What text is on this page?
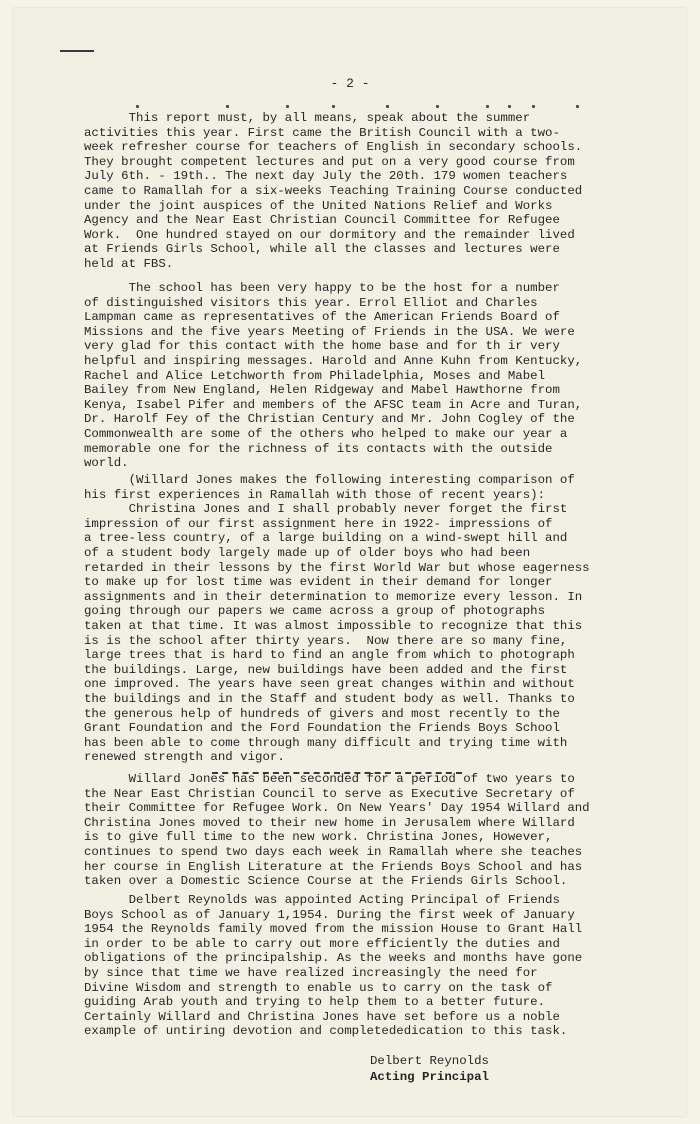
- 2 -

This report must, by all means, speak about the summer
activities this year. First came the British Council with a two-
week refresher course for teachers of English in secondary schools.
They brought competent lectures and put on a very good course from
July 6th. - 19th.. The next day July the 20th. 179 women teachers
came to Ramallah for a six-weeks Teaching Training Course conducted
under the joint auspices of the United Nations Relief and Works
Agency and the Near East Christian Council Committee for Refugee
Work.  One hundred stayed on our dormitory and the remainder lived
at Friends Girls School, while all the classes and lectures were
held at FBS.

The school has been very happy to be the host for a number
of distinguished visitors this year. Errol Elliot and Charles
Lampman came as representatives of the American Friends Board of
Missions and the five years Meeting of Friends in the USA. We were
very glad for this contact with the home base and for th ir very
helpful and inspiring messages. Harold and Anne Kuhn from Kentucky,
Rachel and Alice Letchworth from Philadelphia, Moses and Mabel
Bailey from New England, Helen Ridgeway and Mabel Hawthorne from
Kenya, Isabel Pifer and members of the AFSC team in Acre and Turan,
Dr. Harolf Fey of the Christian Century and Mr. John Cogley of the
Commonwealth are some of the others who helped to make our year a
memorable one for the richness of its contacts with the outside
world.

(Willard Jones makes the following interesting comparison of
his first experiences in Ramallah with those of recent years):
Christina Jones and I shall probably never forget the first
impression of our first assignment here in 1922- impressions of
a tree-less country, of a large building on a wind-swept hill and
of a student body largely made up of older boys who had been
retarded in their lessons by the first World War but whose eagerness
to make up for lost time was evident in their demand for longer
assignments and in their determination to memorize every lesson. In
going through our papers we came across a group of photographs
taken at that time. It was almost impossible to recognize that this
is is the school after thirty years.  Now there are so many fine,
large trees that is hard to find an angle from which to photograph
the buildings. Large, new buildings have been added and the first
one improved. The years have seen great changes within and without
the buildings and in the Staff and student body as well. Thanks to
the generous help of hundreds of givers and most recently to the
Grant Foundation and the Ford Foundation the Friends Boys School
has been able to come through many difficult and trying time with
renewed strength and vigor.

Willard Jones has been seconded for a period of two years to
the Near East Christian Council to serve as Executive Secretary of
their Committee for Refugee Work. On New Years' Day 1954 Willard and
Christina Jones moved to their new home in Jerusalem where Willard
is to give full time to the new work. Christina Jones, However,
continues to spend two days each week in Ramallah where she teaches
her course in English Literature at the Friends Boys School and has
taken over a Domestic Science Course at the Friends Girls School.

Delbert Reynolds was appointed Acting Principal of Friends
Boys School as of January 1,1954. During the first week of January
1954 the Reynolds family moved from the mission House to Grant Hall
in order to be able to carry out more efficiently the duties and
obligations of the principalship. As the weeks and months have gone
by since that time we have realized increasingly the need for
Divine Wisdom and strength to enable us to carry on the task of
guiding Arab youth and trying to help them to a better future.
Certainly Willard and Christina Jones have set before us a noble
example of untiring devotion and completededication to this task.

Delbert Reynolds

Acting Principal
